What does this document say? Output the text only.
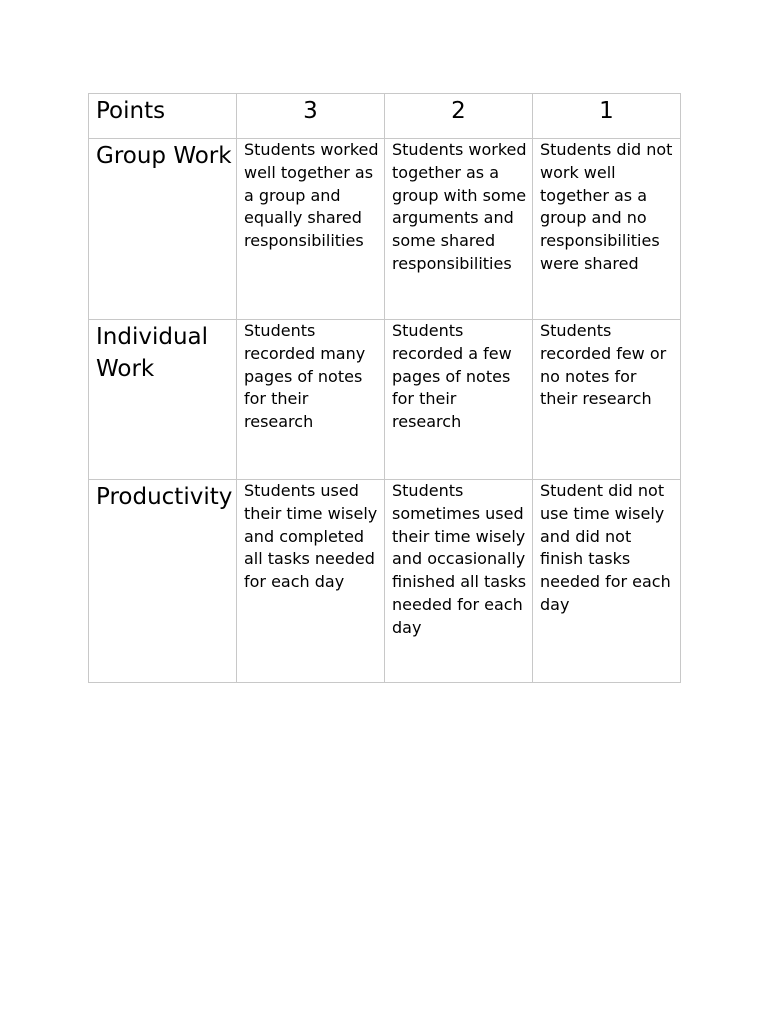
Points	3	2	1

Group Work	Students worked well together as a group and equally shared responsibilities	Students worked together as a group with some arguments and some shared responsibilities	Students did not work well together as a group and no responsibilities were shared

Individual Work	Students recorded many pages of notes for their research	Students recorded a few pages of notes for their research	Students recorded few or no notes for their research

Productivity	Students used their time wisely and completed all tasks needed for each day	Students sometimes used their time wisely and occasionally finished all tasks needed for each day	Student did not use time wisely and did not finish tasks needed for each day
